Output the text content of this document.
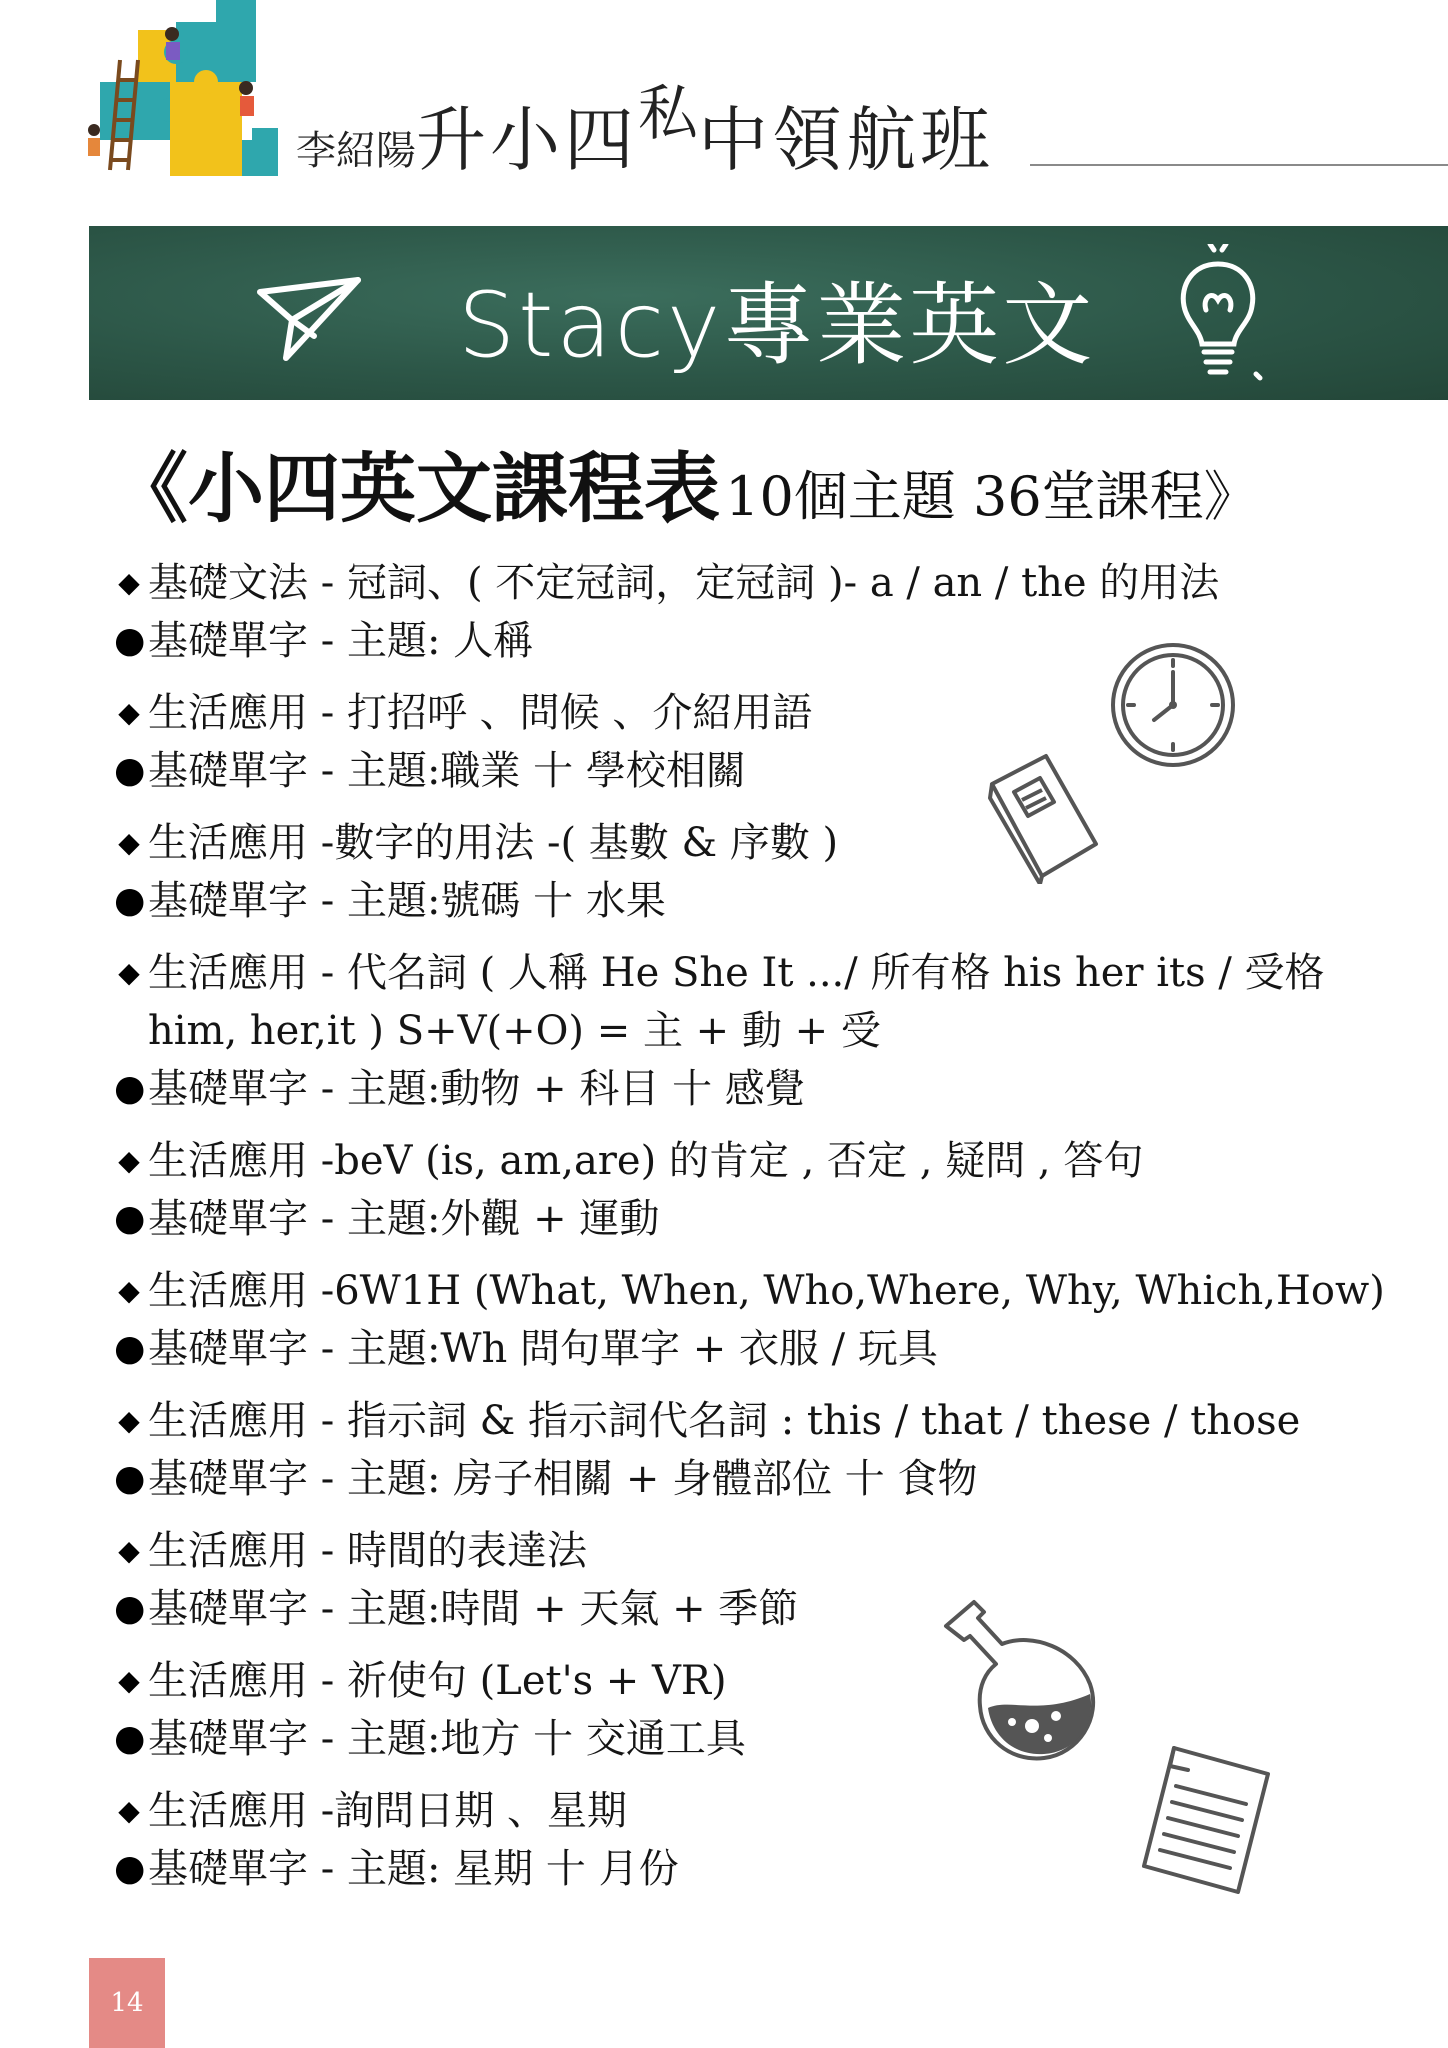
李紹陽升小四私中領航班
Stacy專業英文
《小四英文課程表 10個主題 36堂課程》
◆ 基礎文法 - 冠詞、( 不定冠詞，定冠詞 )- a / an / the 的用法
● 基礎單字 - 主題: 人稱
◆ 生活應用 - 打招呼 、問候 、介紹用語
● 基礎單字 - 主題:職業 十 學校相關
◆ 生活應用 -數字的用法 -( 基數 & 序數 )
● 基礎單字 - 主題:號碼 十 水果
◆ 生活應用 - 代名詞 ( 人稱 He She It .../ 所有格 his her its / 受格 him, her,it ) S+V(+O) = 主 + 動 + 受
● 基礎單字 - 主題:動物 + 科目 十 感覺
◆ 生活應用 -beV (is, am,are) 的肯定 , 否定 , 疑問 , 答句
● 基礎單字 - 主題:外觀 + 運動
◆ 生活應用 -6W1H (What, When, Who,Where, Why, Which,How)
● 基礎單字 - 主題:Wh 問句單字 + 衣服 / 玩具
◆ 生活應用 - 指示詞 & 指示詞代名詞 : this / that / these / those
● 基礎單字 - 主題: 房子相關 + 身體部位 十 食物
◆ 生活應用 - 時間的表達法
● 基礎單字 - 主題:時間 + 天氣 + 季節
◆ 生活應用 - 祈使句 (Let's + VR)
● 基礎單字 - 主題:地方 十 交通工具
◆ 生活應用 -詢問日期 、星期
● 基礎單字 - 主題: 星期 十 月份
14
